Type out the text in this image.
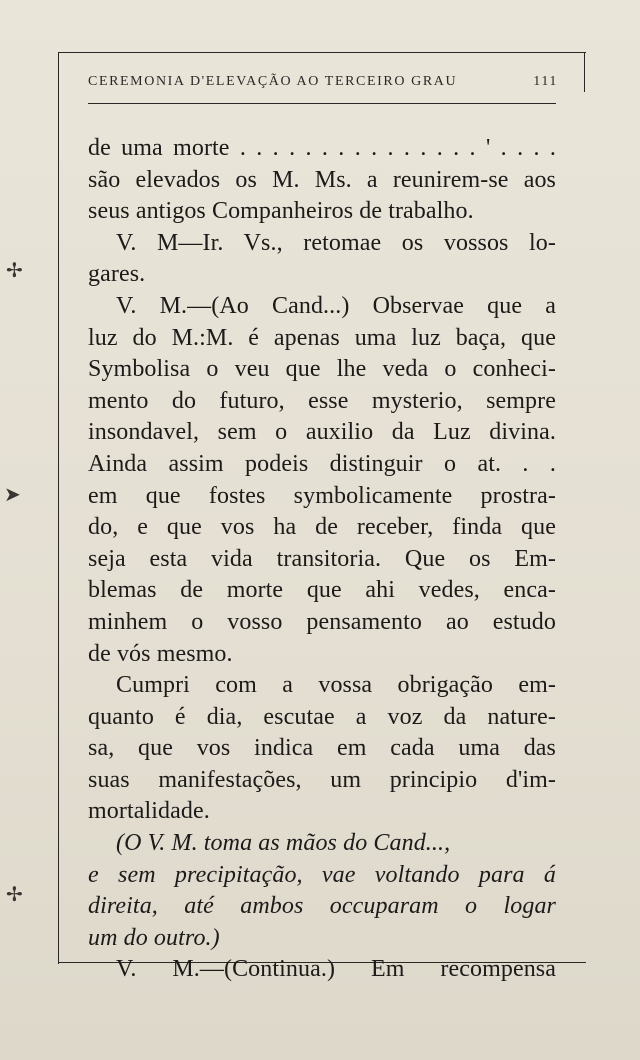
CEREMONIA D'ELEVAÇÃO AO TERCEIRO GRAU	111
de uma morte . . . . . . . . . . . . . . . ' . . . .
são elevados os M. Ms. a reunirem-se aos
seus antigos Companheiros de trabalho.
V. M—Ir. Vs., retomae os vossos lo-
gares.
V. M.—(Ao Cand...) Observae que a
luz do M.:M. é apenas uma luz baça, que
Symbolisa o veu que lhe veda o conheci-
mento do futuro, esse mysterio, sempre
insondavel, sem o auxilio da Luz divina.
Ainda assim podeis distinguir o at. . .
em que fostes symbolicamente prostra-
do, e que vos ha de receber, finda que
seja esta vida transitoria. Que os Em-
blemas de morte que ahi vedes, enca-
minhem o vosso pensamento ao estudo
de vós mesmo.
Cumpri com a vossa obrigação em-
quanto é dia, escutae a voz da nature-
sa, que vos indica em cada uma das
suas manifestações, um principio d'im-
mortalidade.
(O V. M. toma as mãos do Cand...,
e sem precipitação, vae voltando para á
direita, até ambos occuparam o logar
um do outro.)
V. M.—(Continua.) Em recompensa
✢
➤
✢
